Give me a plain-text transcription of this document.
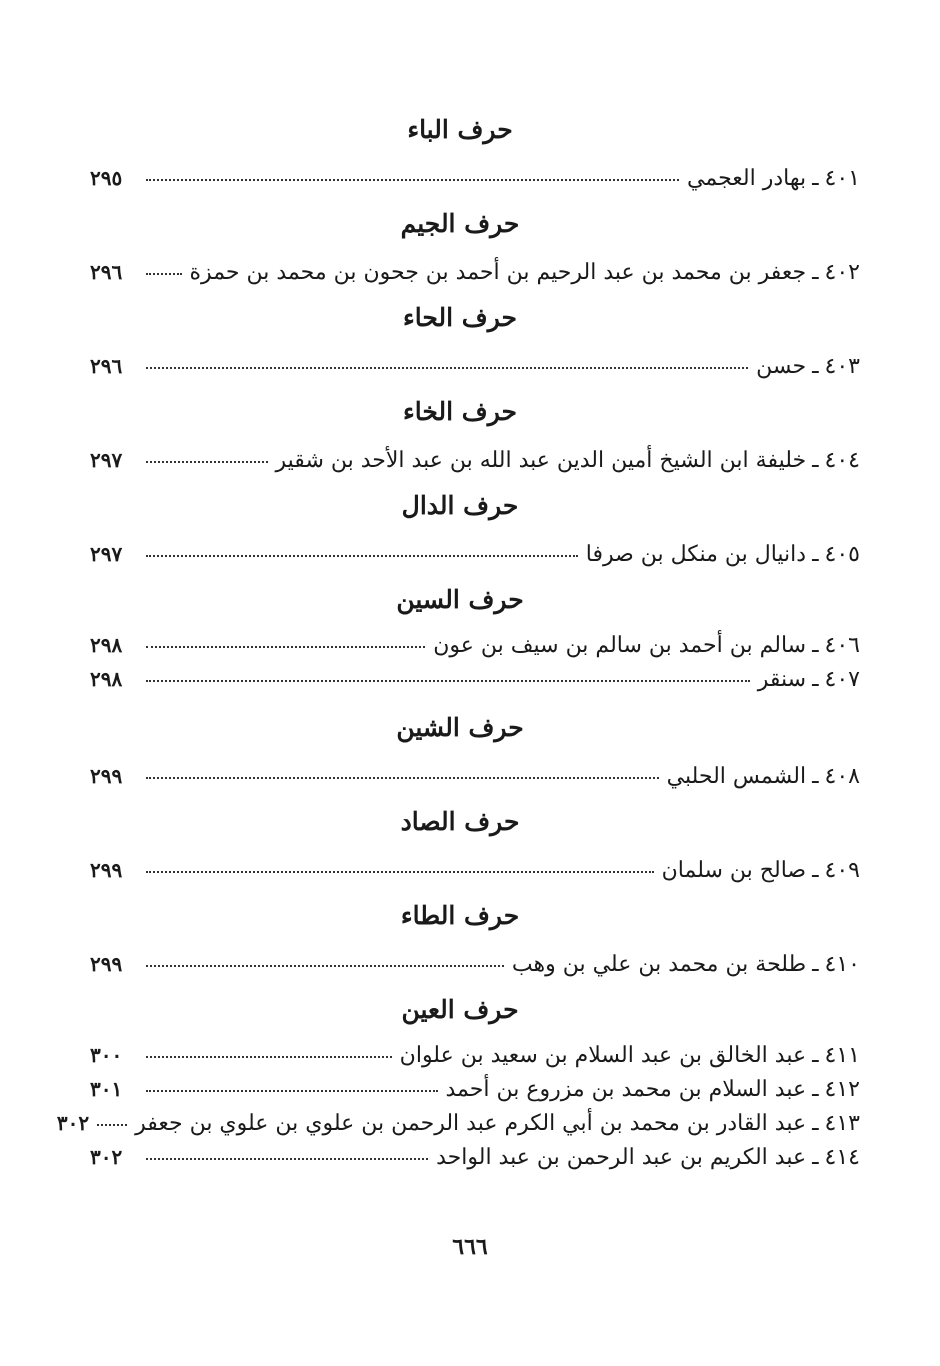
حرف الباء
٤٠١
ـ
بهادر العجمي
٢٩٥
حرف الجيم
٤٠٢
ـ
جعفر بن محمد بن عبد الرحيم بن أحمد بن جحون بن محمد بن حمزة
٢٩٦
حرف الحاء
٤٠٣
ـ
حسن
٢٩٦
حرف الخاء
٤٠٤
ـ
خليفة ابن الشيخ أمين الدين عبد الله بن عبد الأحد بن شقير
٢٩٧
حرف الدال
٤٠٥
ـ
دانيال بن منكل بن صرفا
٢٩٧
حرف السين
٤٠٦
ـ
سالم بن أحمد بن سالم بن سيف بن عون
٢٩٨
٤٠٧
ـ
سنقر
٢٩٨
حرف الشين
٤٠٨
ـ
الشمس الحلبي
٢٩٩
حرف الصاد
٤٠٩
ـ
صالح بن سلمان
٢٩٩
حرف الطاء
٤١٠
ـ
طلحة بن محمد بن علي بن وهب
٢٩٩
حرف العين
٤١١
ـ
عبد الخالق بن عبد السلام بن سعيد بن علوان
٣٠٠
٤١٢
ـ
عبد السلام بن محمد بن مزروع بن أحمد
٣٠١
٤١٣
ـ
عبد القادر بن محمد بن أبي الكرم عبد الرحمن بن علوي بن علوي بن جعفر
٣٠٢
٤١٤
ـ
عبد الكريم بن عبد الرحمن بن عبد الواحد
٣٠٢
٦٦٦
